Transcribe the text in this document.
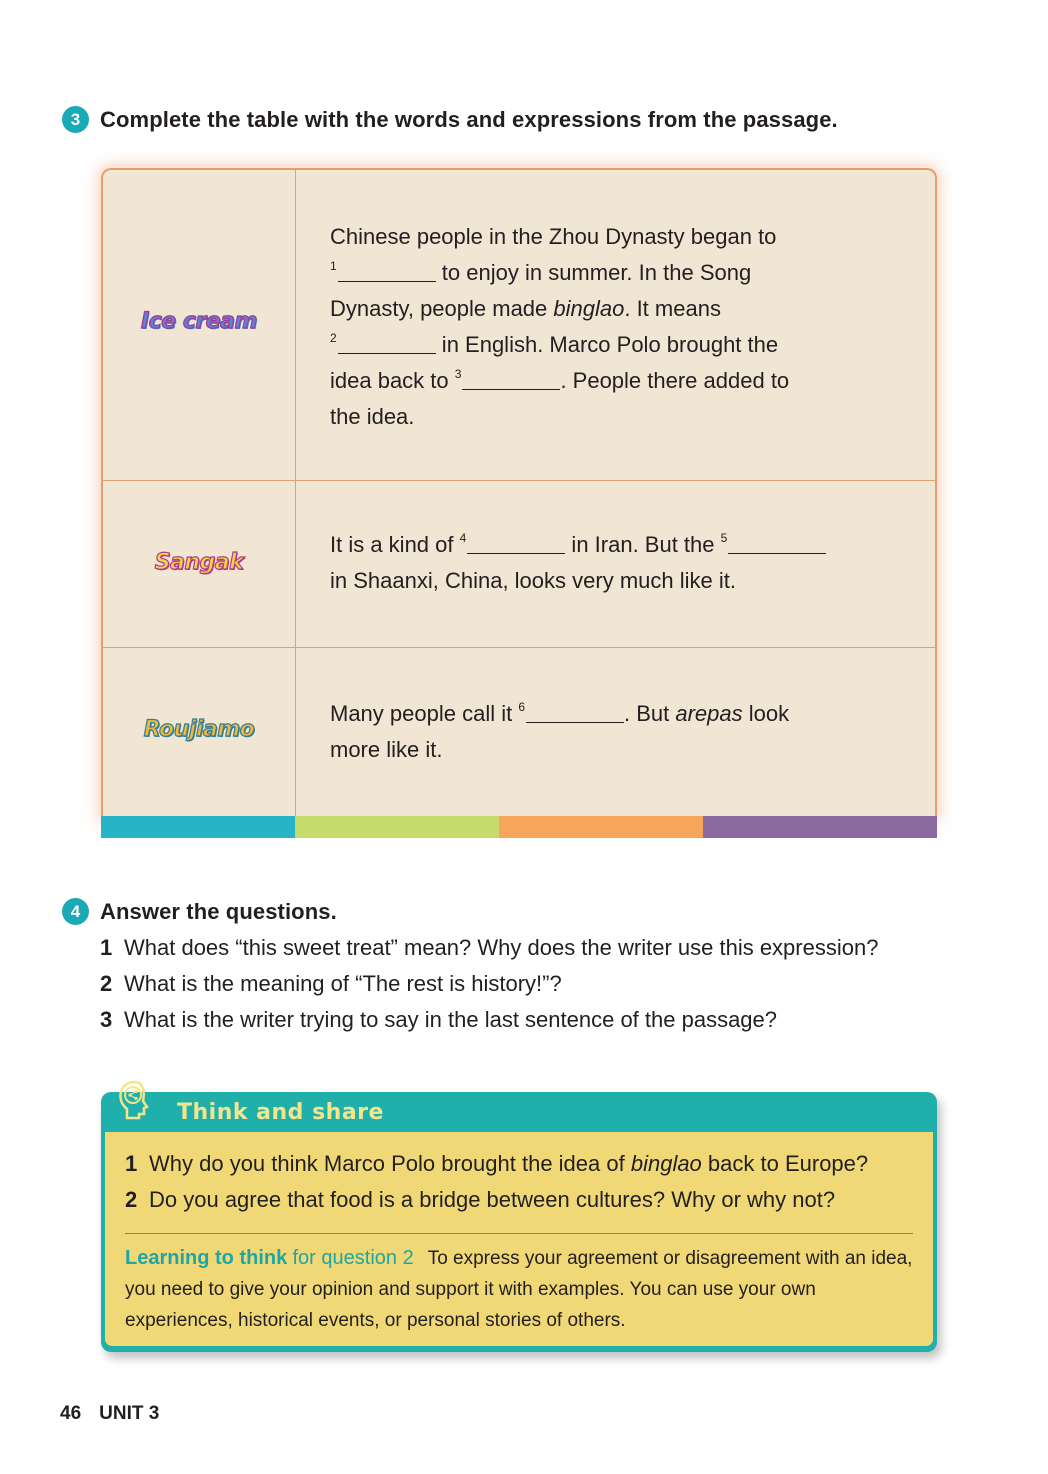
3 Complete the table with the words and expressions from the passage.
Ice cream
Chinese people in the Zhou Dynasty began to
$^1$	to enjoy in summer. In the Song
Dynasty, people made binglao. It means
$^2$	in English. Marco Polo brought the
idea back to $^3$	. People there added to
the idea.
Sangak
It is a kind of $^4$	in Iran. But the $^5$
in Shaanxi, China, looks very much like it.
Roujiamo
Many people call it $^6$	. But arepas look
more like it.
4 Answer the questions.
1 What does “this sweet treat” mean? Why does the writer use this expression?
2 What is the meaning of “The rest is history!”?
3 What is the writer trying to say in the last sentence of the passage?
Think and share
1 Why do you think Marco Polo brought the idea of binglao back to Europe?
2 Do you agree that food is a bridge between cultures? Why or why not?
Learning to think for question 2 To express your agreement or disagreement with an idea, you need to give your opinion and support it with examples. You can use your own experiences, historical events, or personal stories of others.
46 UNIT 3
